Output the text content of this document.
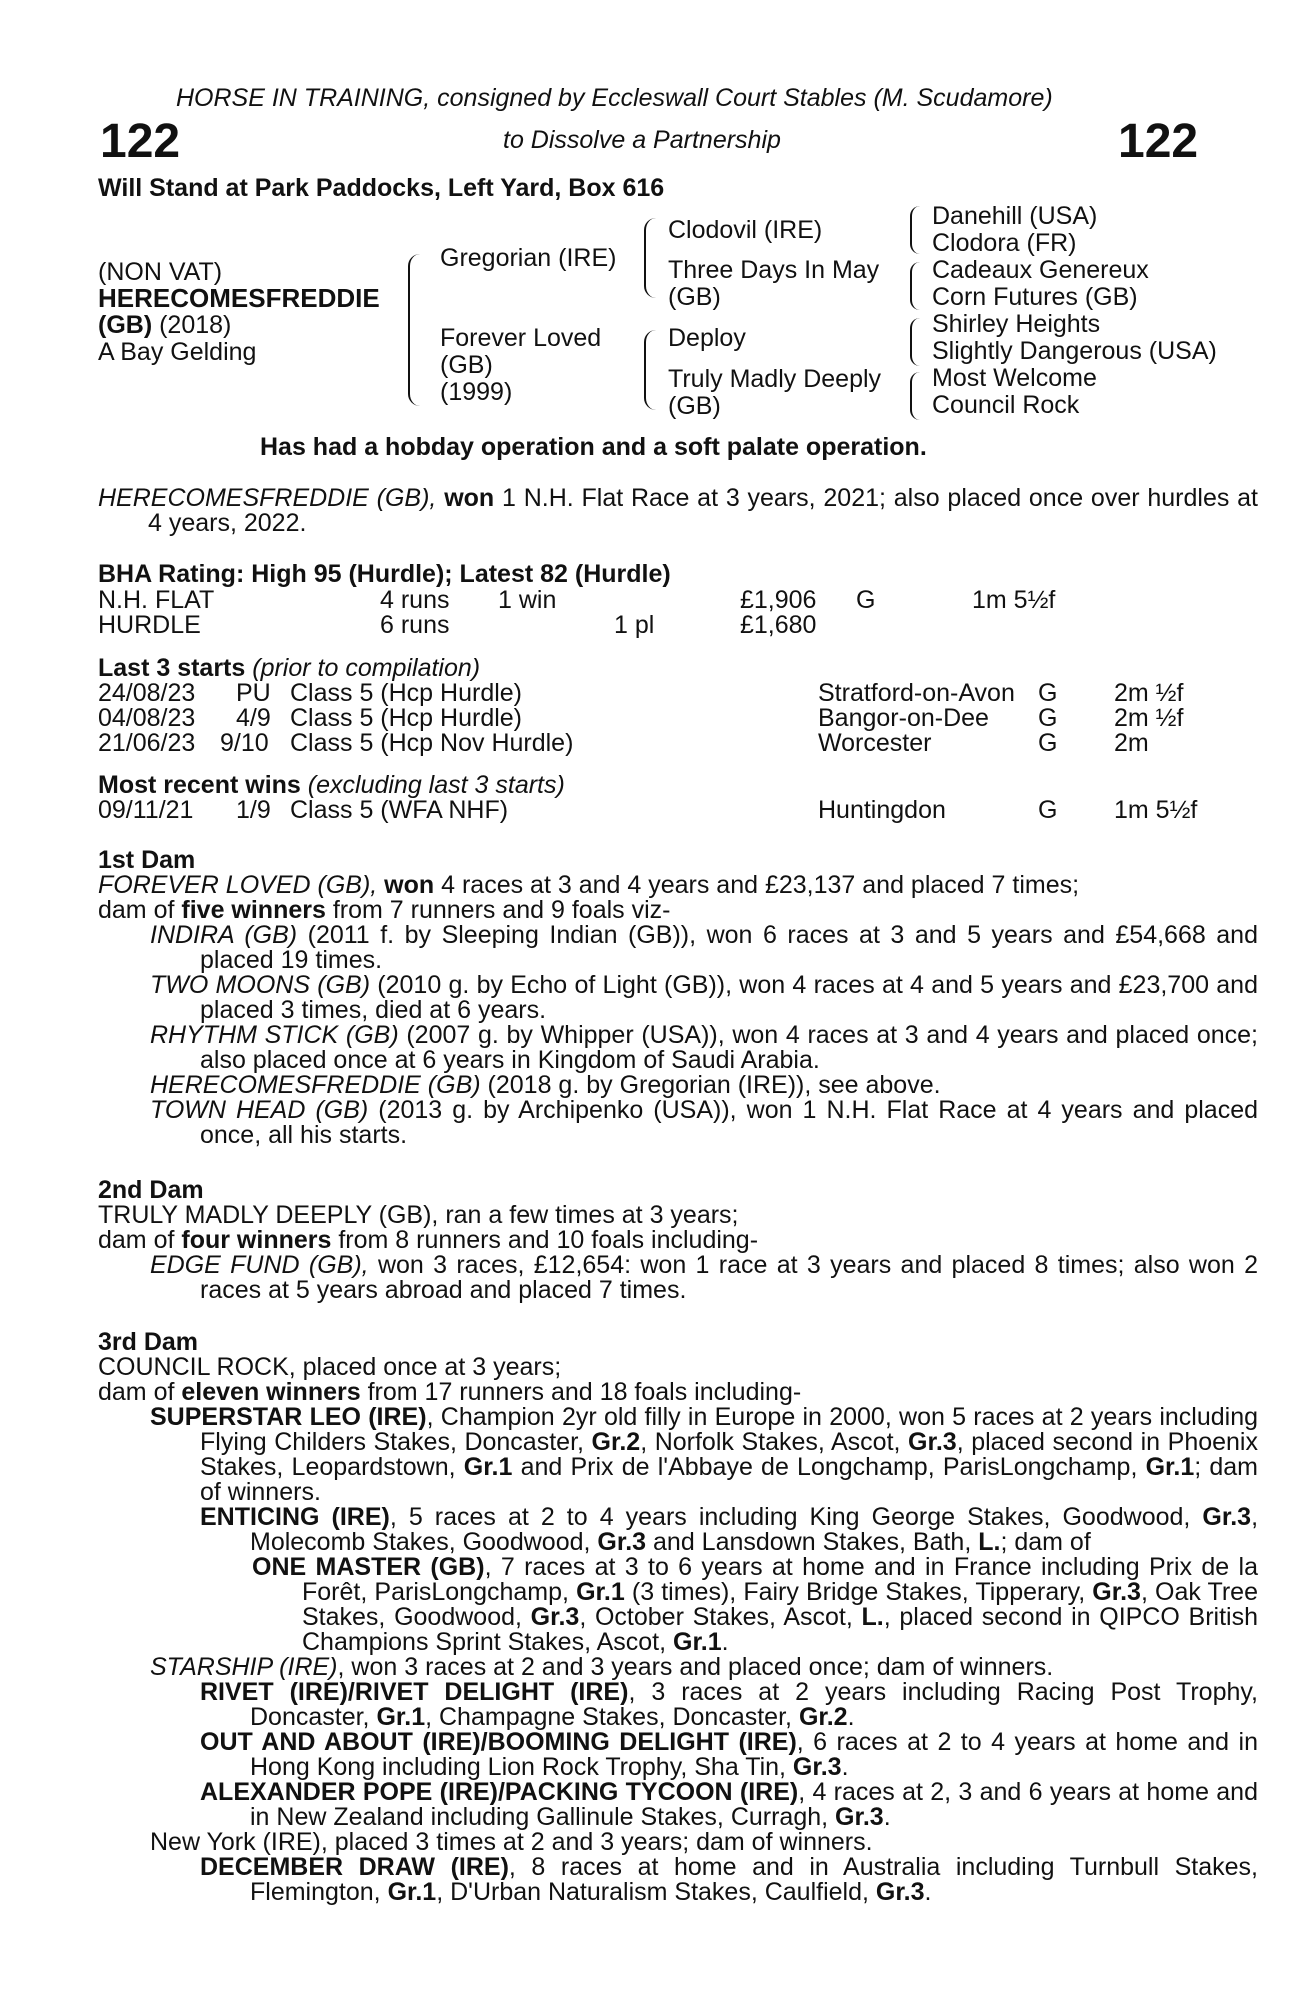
HORSE IN TRAINING, consigned by Eccleswall Court Stables (M. Scudamore)
to Dissolve a Partnership
122	122
Will Stand at Park Paddocks, Left Yard, Box 616
(NON VAT)
HERECOMESFREDDIE
(GB) (2018)
A Bay Gelding
Gregorian (IRE)
Forever Loved
(GB)
(1999)
Clodovil (IRE)
Three Days In May
(GB)
Deploy
Truly Madly Deeply
(GB)
Danehill (USA)
Clodora (FR)
Cadeaux Genereux
Corn Futures (GB)
Shirley Heights
Slightly Dangerous (USA)
Most Welcome
Council Rock
Has had a hobday operation and a soft palate operation.
HERECOMESFREDDIE (GB), won 1 N.H. Flat Race at 3 years, 2021; also placed once over hurdles at 4 years, 2022.
BHA Rating: High 95 (Hurdle); Latest 82 (Hurdle)
N.H. FLAT	4 runs 1 win	£1,906 G	1m 5½f
HURDLE	6 runs	1 pl	£1,680
Last 3 starts (prior to compilation)
24/08/23 PU Class 5 (Hcp Hurdle)	Stratford-on-Avon G 2m ½f
04/08/23 4/9 Class 5 (Hcp Hurdle)	Bangor-on-Dee G 2m ½f
21/06/23 9/10 Class 5 (Hcp Nov Hurdle)	Worcester	G 2m
Most recent wins (excluding last 3 starts)
09/11/21 1/9 Class 5 (WFA NHF)	Huntingdon	G 1m 5½f
1st Dam
FOREVER LOVED (GB), won 4 races at 3 and 4 years and £23,137 and placed 7 times;
dam of five winners from 7 runners and 9 foals viz-
INDIRA (GB) (2011 f. by Sleeping Indian (GB)), won 6 races at 3 and 5 years and £54,668 and placed 19 times.
TWO MOONS (GB) (2010 g. by Echo of Light (GB)), won 4 races at 4 and 5 years and £23,700 and placed 3 times, died at 6 years.
RHYTHM STICK (GB) (2007 g. by Whipper (USA)), won 4 races at 3 and 4 years and placed once; also placed once at 6 years in Kingdom of Saudi Arabia.
HERECOMESFREDDIE (GB) (2018 g. by Gregorian (IRE)), see above.
TOWN HEAD (GB) (2013 g. by Archipenko (USA)), won 1 N.H. Flat Race at 4 years and placed once, all his starts.
2nd Dam
TRULY MADLY DEEPLY (GB), ran a few times at 3 years;
dam of four winners from 8 runners and 10 foals including-
EDGE FUND (GB), won 3 races, £12,654: won 1 race at 3 years and placed 8 times; also won 2 races at 5 years abroad and placed 7 times.
3rd Dam
COUNCIL ROCK, placed once at 3 years;
dam of eleven winners from 17 runners and 18 foals including-
SUPERSTAR LEO (IRE), Champion 2yr old filly in Europe in 2000, won 5 races at 2 years including Flying Childers Stakes, Doncaster, Gr.2, Norfolk Stakes, Ascot, Gr.3, placed second in Phoenix Stakes, Leopardstown, Gr.1 and Prix de l'Abbaye de Longchamp, ParisLongchamp, Gr.1; dam of winners.
ENTICING (IRE), 5 races at 2 to 4 years including King George Stakes, Goodwood, Gr.3, Molecomb Stakes, Goodwood, Gr.3 and Lansdown Stakes, Bath, L.; dam of
ONE MASTER (GB), 7 races at 3 to 6 years at home and in France including Prix de la Forêt, ParisLongchamp, Gr.1 (3 times), Fairy Bridge Stakes, Tipperary, Gr.3, Oak Tree Stakes, Goodwood, Gr.3, October Stakes, Ascot, L., placed second in QIPCO British Champions Sprint Stakes, Ascot, Gr.1.
STARSHIP (IRE), won 3 races at 2 and 3 years and placed once; dam of winners.
RIVET (IRE)/RIVET DELIGHT (IRE), 3 races at 2 years including Racing Post Trophy, Doncaster, Gr.1, Champagne Stakes, Doncaster, Gr.2.
OUT AND ABOUT (IRE)/BOOMING DELIGHT (IRE), 6 races at 2 to 4 years at home and in Hong Kong including Lion Rock Trophy, Sha Tin, Gr.3.
ALEXANDER POPE (IRE)/PACKING TYCOON (IRE), 4 races at 2, 3 and 6 years at home and in New Zealand including Gallinule Stakes, Curragh, Gr.3.
New York (IRE), placed 3 times at 2 and 3 years; dam of winners.
DECEMBER DRAW (IRE), 8 races at home and in Australia including Turnbull Stakes, Flemington, Gr.1, D'Urban Naturalism Stakes, Caulfield, Gr.3.
